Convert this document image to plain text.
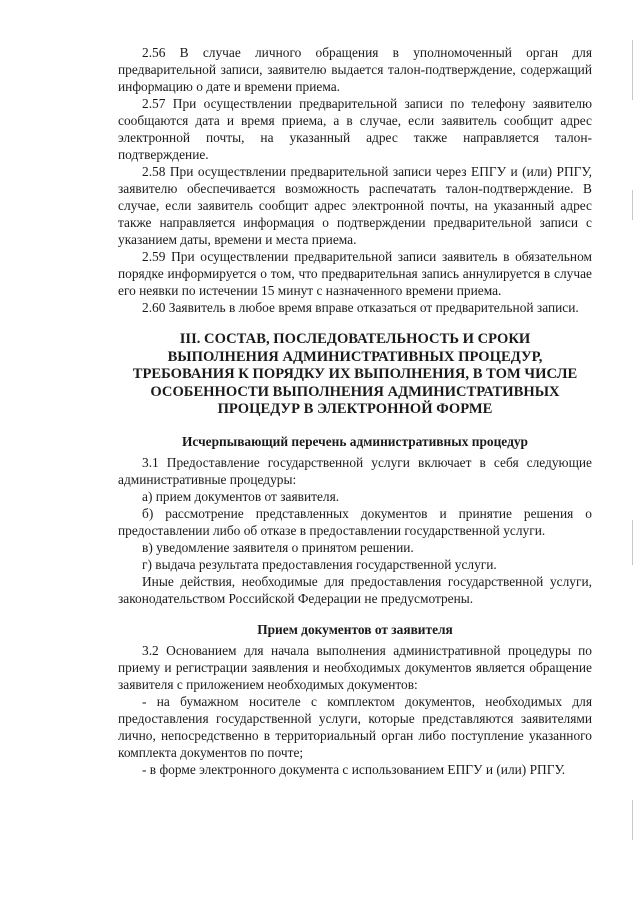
2.56 В случае личного обращения в уполномоченный орган для предварительной записи, заявителю выдается талон-подтверждение, содержащий информацию о дате и времени приема.

2.57 При осуществлении предварительной записи по телефону заявителю сообщаются дата и время приема, а в случае, если заявитель сообщит адрес электронной почты, на указанный адрес также направляется талон-подтверждение.

2.58 При осуществлении предварительной записи через ЕПГУ и (или) РПГУ, заявителю обеспечивается возможность распечатать талон-подтверждение. В случае, если заявитель сообщит адрес электронной почты, на указанный адрес также направляется информация о подтверждении предварительной записи с указанием даты, времени и места приема.

2.59 При осуществлении предварительной записи заявитель в обязательном порядке информируется о том, что предварительная запись аннулируется в случае его неявки по истечении 15 минут с назначенного времени приема.

2.60 Заявитель в любое время вправе отказаться от предварительной записи.

III. СОСТАВ, ПОСЛЕДОВАТЕЛЬНОСТЬ И СРОКИ ВЫПОЛНЕНИЯ АДМИНИСТРАТИВНЫХ ПРОЦЕДУР, ТРЕБОВАНИЯ К ПОРЯДКУ ИХ ВЫПОЛНЕНИЯ, В ТОМ ЧИСЛЕ ОСОБЕННОСТИ ВЫПОЛНЕНИЯ АДМИНИСТРАТИВНЫХ ПРОЦЕДУР В ЭЛЕКТРОННОЙ ФОРМЕ
Исчерпывающий перечень административных процедур

3.1 Предоставление государственной услуги включает в себя следующие административные процедуры:

а) прием документов от заявителя.

б) рассмотрение представленных документов и принятие решения о предоставлении либо об отказе в предоставлении государственной услуги.

в) уведомление заявителя о принятом решении.

г) выдача результата предоставления государственной услуги.

Иные действия, необходимые для предоставления государственной услуги, законодательством Российской Федерации не предусмотрены.

Прием документов от заявителя

3.2 Основанием для начала выполнения административной процедуры по приему и регистрации заявления и необходимых документов является обращение заявителя с приложением необходимых документов:

- на бумажном носителе с комплектом документов, необходимых для предоставления государственной услуги, которые представляются заявителями лично, непосредственно в территориальный орган либо поступление указанного комплекта документов по почте;

- в форме электронного документа с использованием ЕПГУ и (или) РПГУ.
